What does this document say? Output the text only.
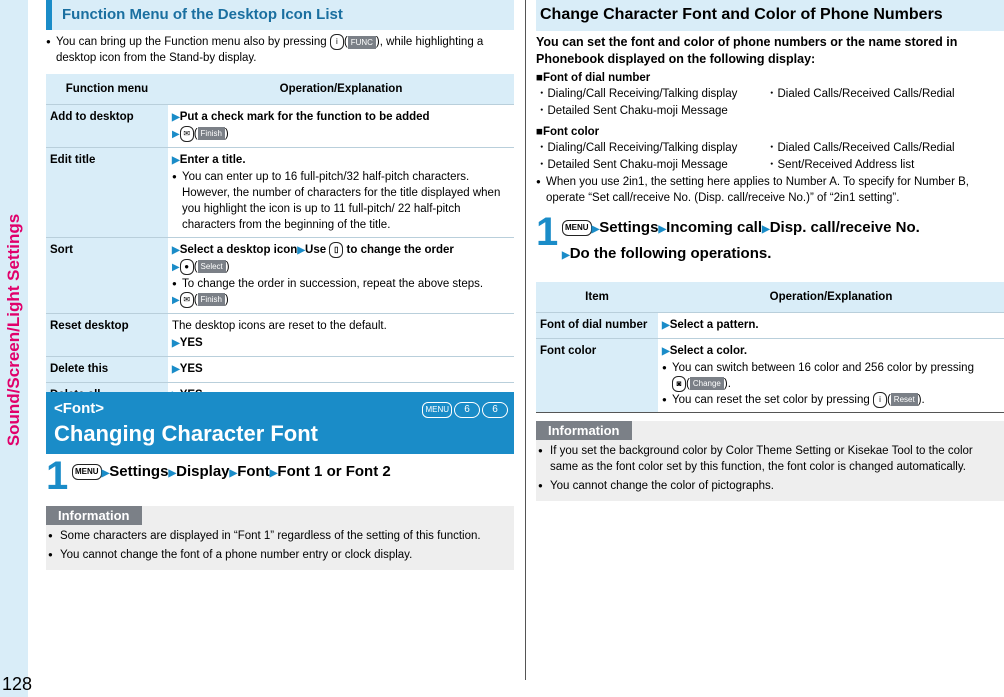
Sound/Screen/Light Settings
128
Function Menu of the Desktop Icon List
● You can bring up the Function menu also by pressing i ( FUNC ), while highlighting a desktop icon from the Stand-by display.
Function menu	Operation/Explanation
Add to desktop	▶Put a check mark for the function to be added
▶ ✉ ( Finish )
Edit title	▶Enter a title.
● You can enter up to 16 full-pitch/32 half-pitch characters. However, the number of characters for the title displayed when you highlight the icon is up to 11 full-pitch/ 22 half-pitch characters from the beginning of the title.

Sort	▶Select a desktop icon▶Use ▯ to change the order
▶ ● ( Select )
● To change the order in succession, repeat the above steps.
▶ ✉ ( Finish )
Reset desktop	The desktop icons are reset to the default.
▶YES
Delete this	▶YES

<Font>
Changing Character Font
MENU	6	6
1 MENU ▶Settings▶Display▶Font▶Font 1 or Font 2
Information
● Some characters are displayed in “Font 1” regardless of the setting of this function.
● You cannot change the font of a phone number entry or clock display.
Change Character Font and Color of Phone Numbers
You can set the font and color of phone numbers or the name stored in Phonebook displayed on the following display:
■Font of dial number
・Dialing/Call Receiving/Talking display	・Dialed Calls/Received Calls/Redial
・Detailed Sent Chaku-moji Message
■Font color
・Dialing/Call Receiving/Talking display	・Dialed Calls/Received Calls/Redial
・Detailed Sent Chaku-moji Message	・Sent/Received Address list
● When you use 2in1, the setting here applies to Number A. To specify for Number B, operate “Set call/receive No. (Disp. call/receive No.)” of “2in1 setting”.
1 MENU ▶Settings▶Incoming call▶Disp. call/receive No.
▶Do the following operations.
Item	Operation/Explanation
Font of dial number	▶Select a pattern.
Font color	▶Select a color.
● You can switch between 16 color and 256 color by pressing
◙ ( Change ).
● You can reset the set color by pressing i ( Reset ).
Information
● If you set the background color by Color Theme Setting or Kisekae Tool to the color same as the font color set by this function, the font color is changed automatically.
● You cannot change the color of pictographs.
